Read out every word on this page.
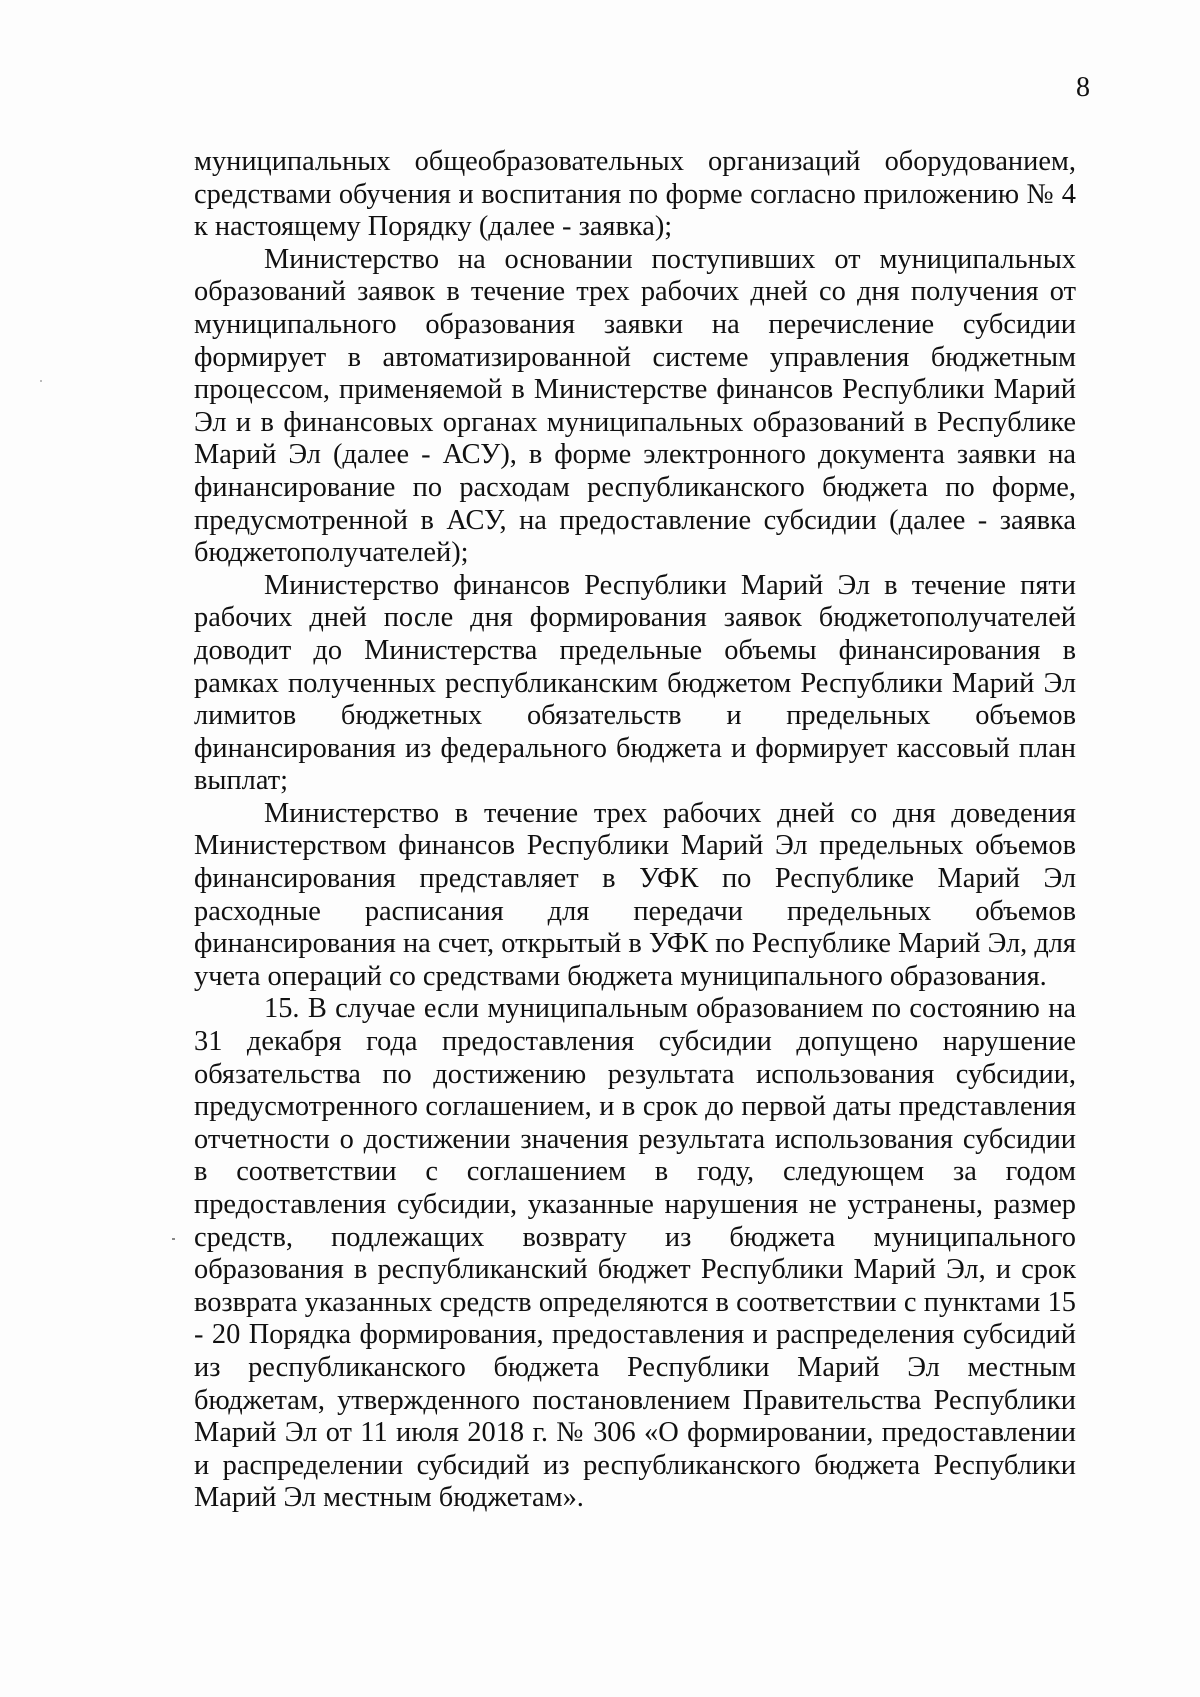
8

муниципальных общеобразовательных организаций оборудованием, средствами обучения и воспитания по форме согласно приложению № 4 к настоящему Порядку (далее - заявка);

Министерство на основании поступивших от муниципальных образований заявок в течение трех рабочих дней со дня получения от муниципального образования заявки на перечисление субсидии формирует в автоматизированной системе управления бюджетным процессом, применяемой в Министерстве финансов Республики Марий Эл и в финансовых органах муниципальных образований в Республике Марий Эл (далее - АСУ), в форме электронного документа заявки на финансирование по расходам республиканского бюджета по форме, предусмотренной в АСУ, на предоставление субсидии (далее - заявка бюджетополучателей);

Министерство финансов Республики Марий Эл в течение пяти рабочих дней после дня формирования заявок бюджетополучателей доводит до Министерства предельные объемы финансирования в рамках полученных республиканским бюджетом Республики Марий Эл лимитов бюджетных обязательств и предельных объемов финансирования из федерального бюджета и формирует кассовый план выплат;

Министерство в течение трех рабочих дней со дня доведения Министерством финансов Республики Марий Эл предельных объемов финансирования представляет в УФК по Республике Марий Эл расходные расписания для передачи предельных объемов финансирования на счет, открытый в УФК по Республике Марий Эл, для учета операций со средствами бюджета муниципального образования.

15. В случае если муниципальным образованием по состоянию на 31 декабря года предоставления субсидии допущено нарушение обязательства по достижению результата использования субсидии, предусмотренного соглашением, и в срок до первой даты представления отчетности о достижении значения результата использования субсидии в соответствии с соглашением в году, следующем за годом предоставления субсидии, указанные нарушения не устранены, размер средств, подлежащих возврату из бюджета муниципального образования в республиканский бюджет Республики Марий Эл, и срок возврата указанных средств определяются в соответствии с пунктами 15 - 20 Порядка формирования, предоставления и распределения субсидий из республиканского бюджета Республики Марий Эл местным бюджетам, утвержденного постановлением Правительства Республики Марий Эл от 11 июля 2018 г. № 306 «О формировании, предоставлении и распределении субсидий из республиканского бюджета Республики Марий Эл местным бюджетам».
